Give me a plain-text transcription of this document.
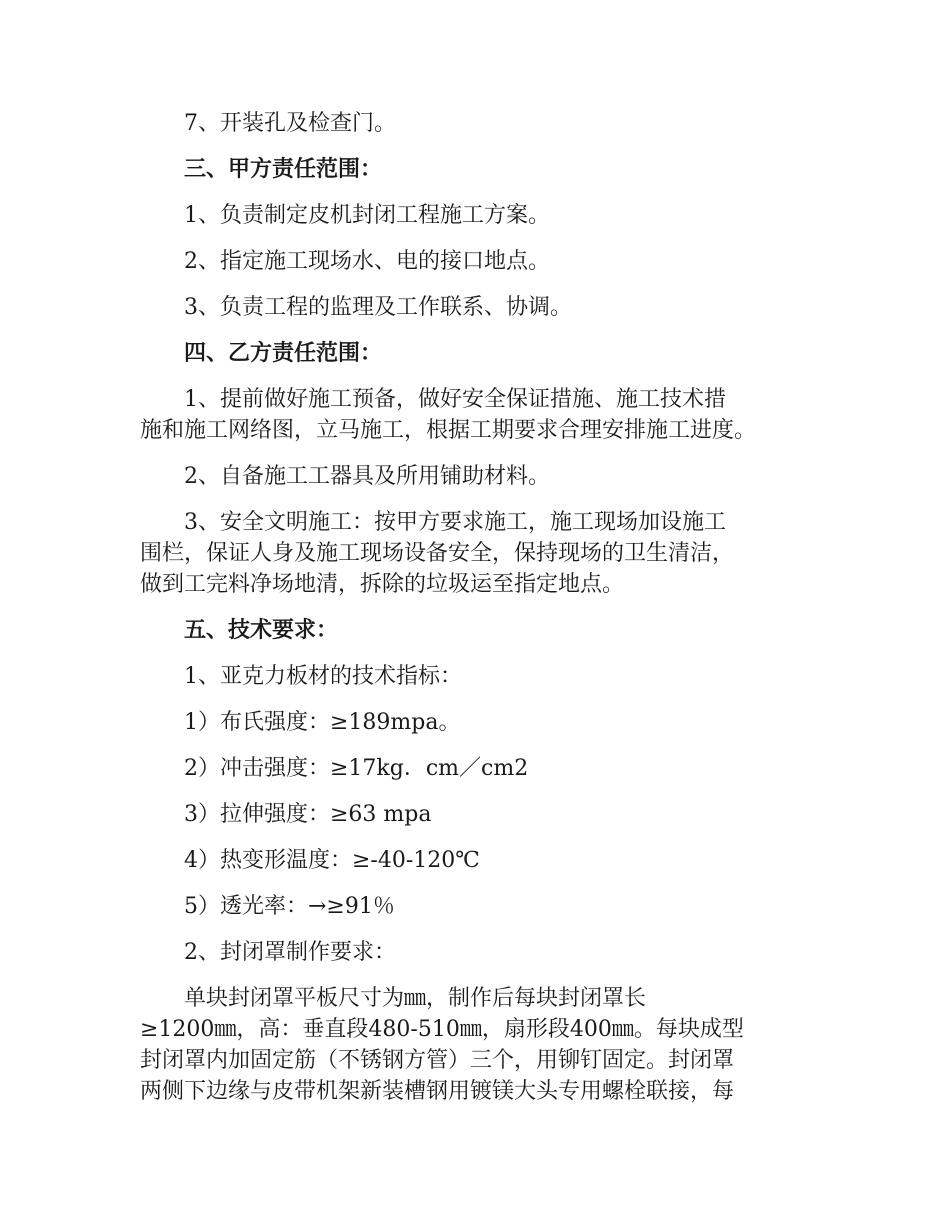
7、开装孔及检查门。

三、甲方责任范围：

1、负责制定皮机封闭工程施工方案。

2、指定施工现场水、电的接口地点。

3、负责工程的监理及工作联系、协调。

四、乙方责任范围：

1、提前做好施工预备，做好安全保证措施、施工技术措
施和施工网络图，立马施工，根据工期要求合理安排施工进度。

2、自备施工工器具及所用铺助材料。

3、安全文明施工：按甲方要求施工，施工现场加设施工
围栏，保证人身及施工现场设备安全，保持现场的卫生清洁，
做到工完料净场地清，拆除的垃圾运至指定地点。

五、技术要求：

1、亚克力板材的技术指标：

1）布氏强度：≥189mpa。

2）冲击强度：≥17kg．cm／cm2

3）拉伸强度：≥63 mpa

4）热变形温度：≥-40-120℃

5）透光率：→≥91％

2、封闭罩制作要求：

单块封闭罩平板尺寸为㎜，制作后每块封闭罩长
≥1200㎜，高：垂直段480-510㎜，扇形段400㎜。每块成型
封闭罩内加固定筋（不锈钢方管）三个，用铆钉固定。封闭罩
两侧下边缘与皮带机架新装槽钢用镀镁大头专用螺栓联接，每
